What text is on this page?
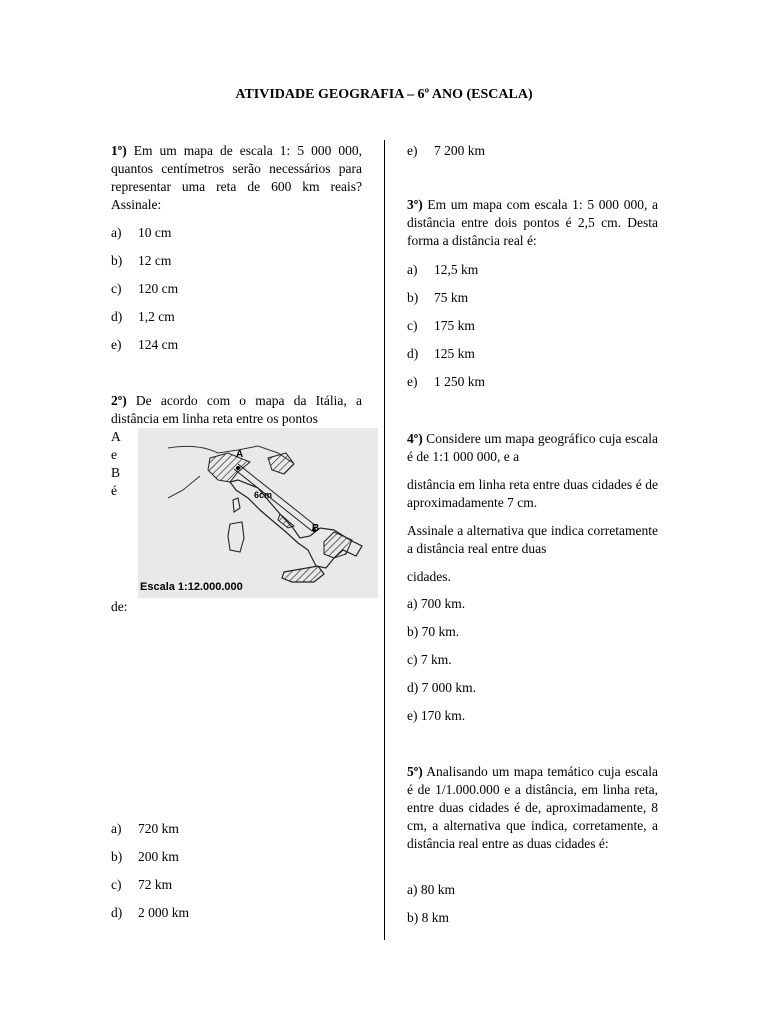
ATIVIDADE GEOGRAFIA – 6º ANO (ESCALA)

1º) Em um mapa de escala 1: 5 000 000, quantos centímetros serão necessários para representar uma reta de 600 km reais? Assinale:

a) 10 cm
b) 12 cm
c) 120 cm
d) 1,2 cm
e) 124 cm

2º) De acordo com o mapa da Itália, a distância em linha reta entre os pontos

A
e
B
é
A
B
6cm
Escala 1:12.000.000
de:
a) 720 km
b) 200 km
c) 72 km
d) 2 000 km
e) 7 200 km

3º) Em um mapa com escala 1: 5 000 000, a distância entre dois pontos é 2,5 cm. Desta forma a distância real é:

a) 12,5 km
b) 75 km
c) 175 km
d) 125 km
e) 1 250 km

4º) Considere um mapa geográfico cuja escala é de 1:1 000 000, e a

distância em linha reta entre duas cidades é de aproximadamente 7 cm.

Assinale a alternativa que indica corretamente a distância real entre duas

cidades.

a) 700 km.
b) 70 km.
c) 7 km.
d) 7 000 km.
e) 170 km.

5º) Analisando um mapa temático cuja escala é de 1/1.000.000 e a distância, em linha reta, entre duas cidades é de, aproximadamente, 8 cm, a alternativa que indica, corretamente, a distância real entre as duas cidades é:

a) 80 km
b) 8 km
